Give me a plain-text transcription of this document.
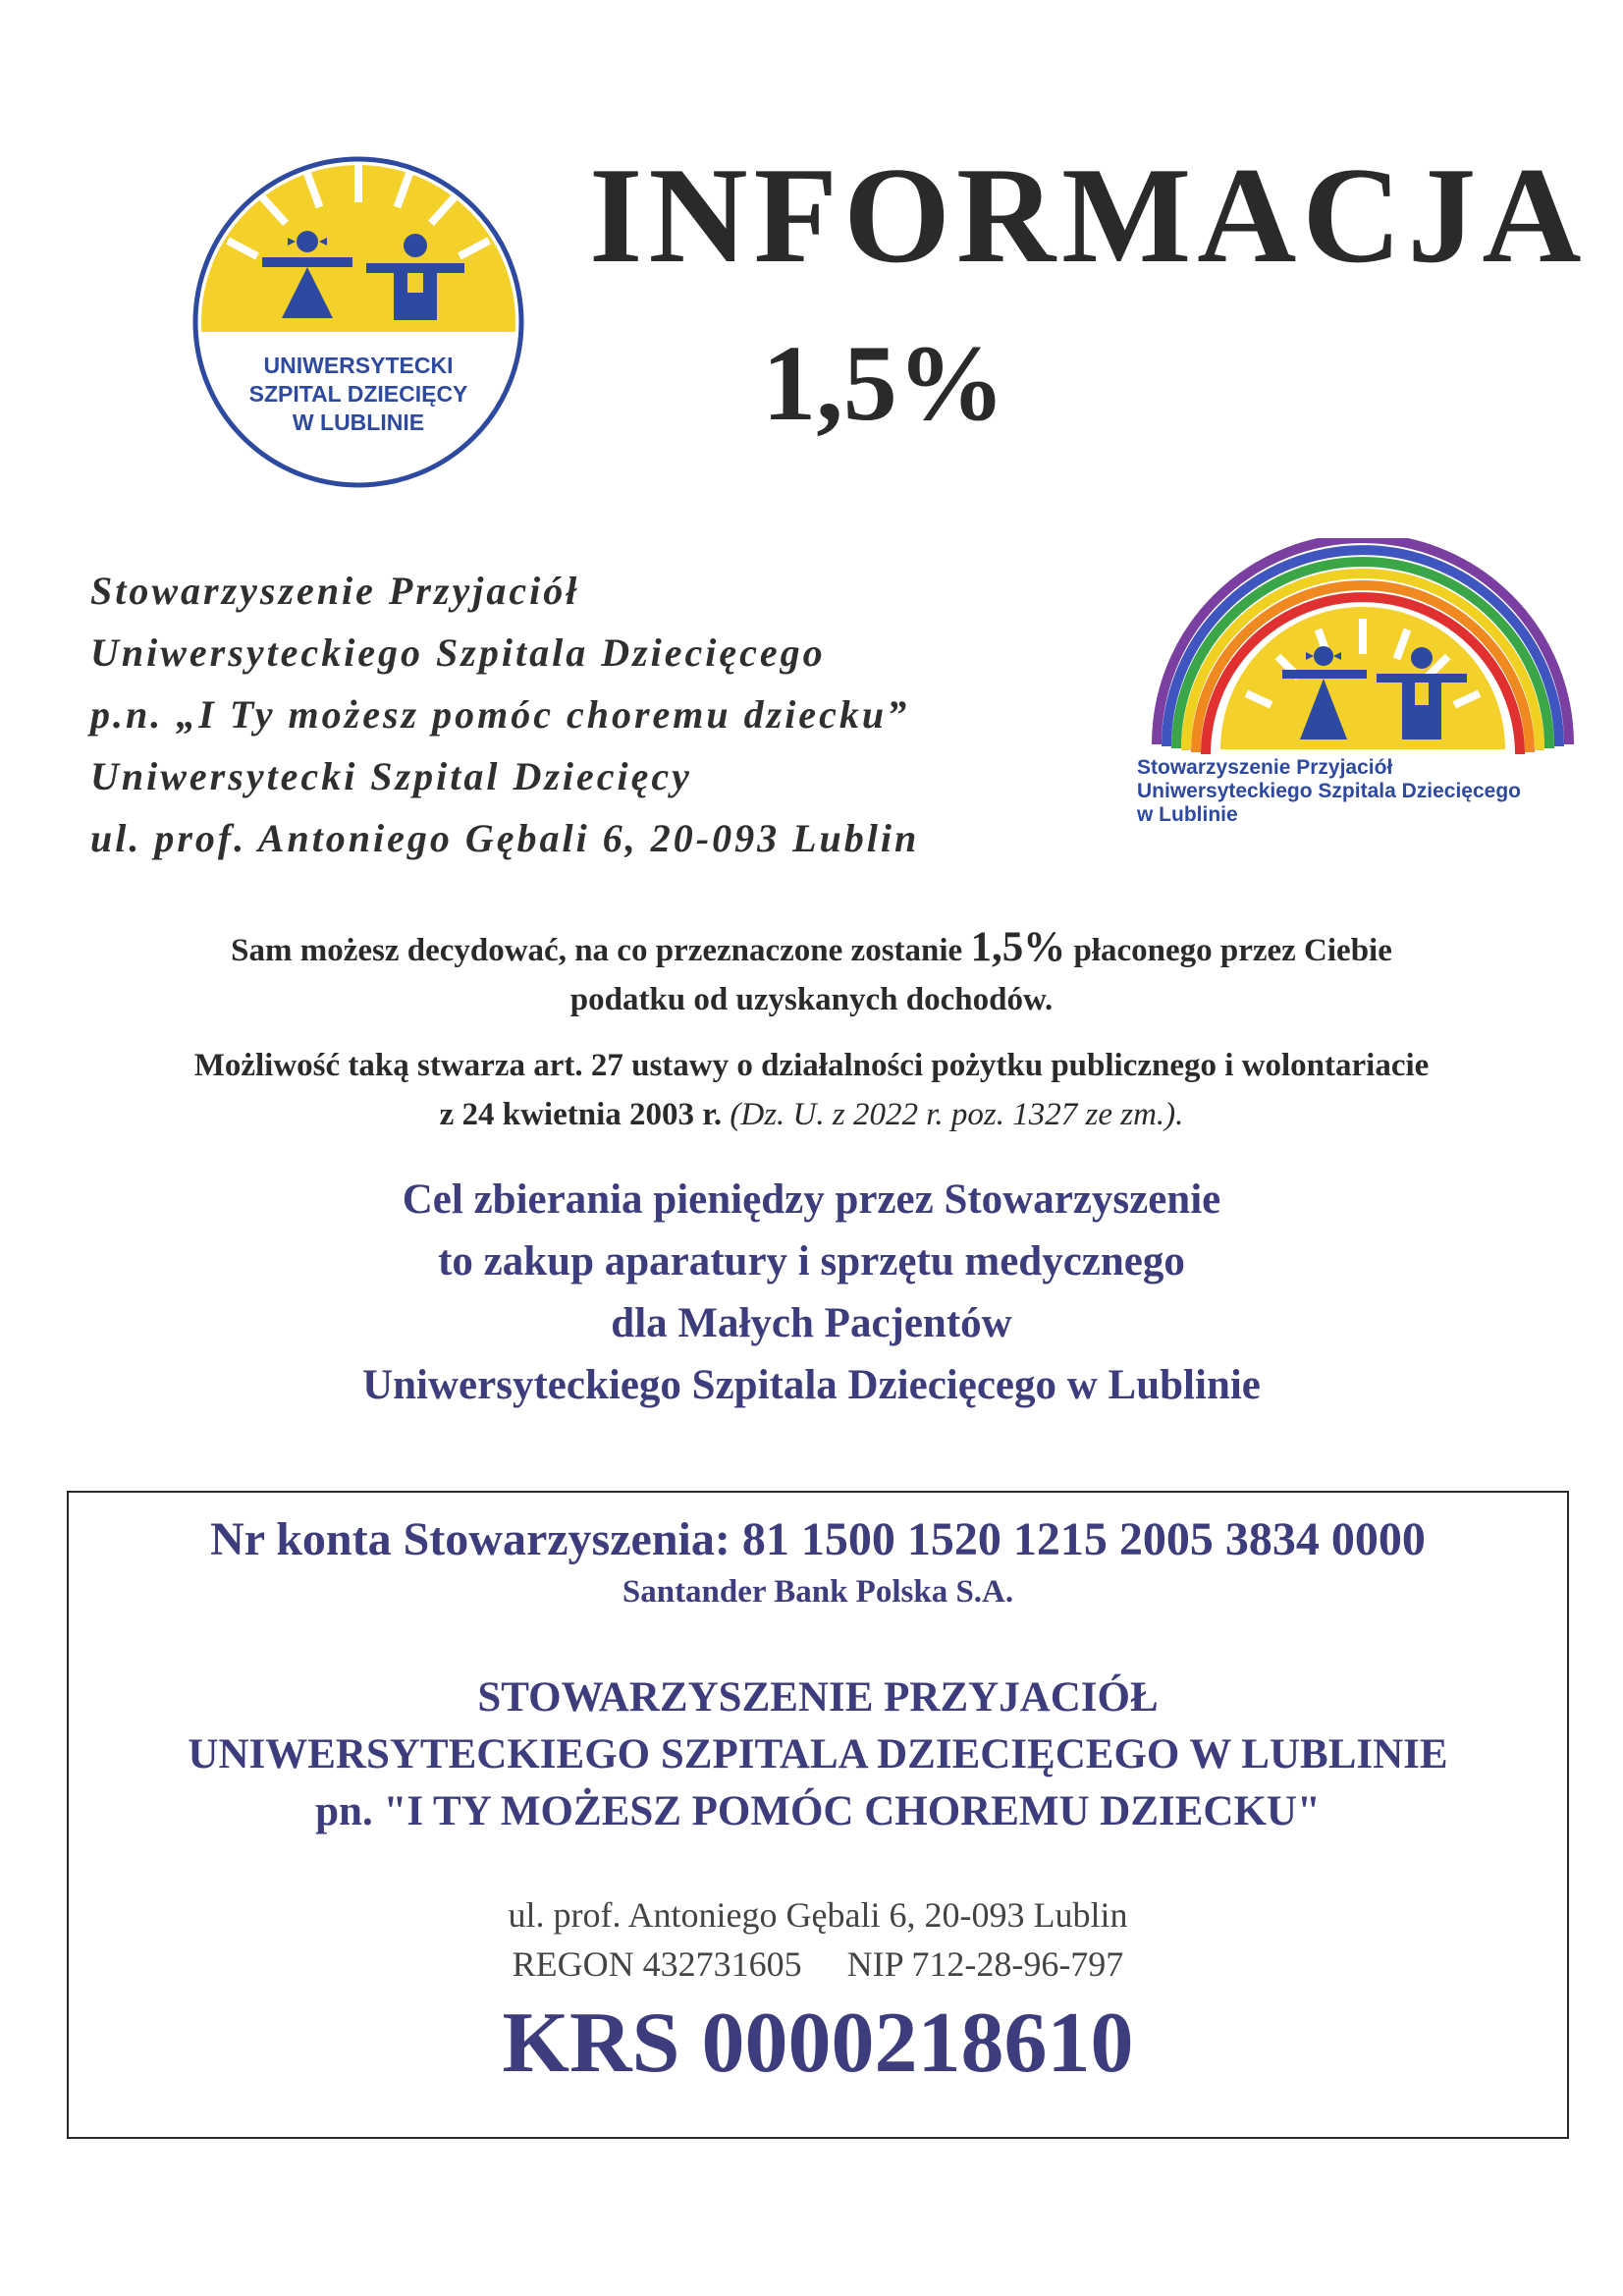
UNIWERSYTECKI
SZPITAL DZIECIĘCY
W LUBLINIE
INFORMACJA
1,5%
Stowarzyszenie Przyjaciół
Uniwersyteckiego Szpitala Dziecięcego
p.n. „I Ty możesz pomóc choremu dziecku”
Uniwersytecki Szpital Dziecięcy
ul. prof. Antoniego Gębali 6, 20-093 Lublin
Stowarzyszenie Przyjaciół
Uniwersyteckiego Szpitala Dziecięcego
w Lublinie
Sam możesz decydować, na co przeznaczone zostanie 1,5% płaconego przez Ciebie
podatku od uzyskanych dochodów.
Możliwość taką stwarza art. 27 ustawy o działalności pożytku publicznego i wolontariacie
z 24 kwietnia 2003 r. (Dz. U. z 2022 r. poz. 1327 ze zm.).
Cel zbierania pieniędzy przez Stowarzyszenie
to zakup aparatury i sprzętu medycznego
dla Małych Pacjentów
Uniwersyteckiego Szpitala Dziecięcego w Lublinie
Nr konta Stowarzyszenia: 81 1500 1520 1215 2005 3834 0000
Santander Bank Polska S.A.
STOWARZYSZENIE PRZYJACIÓŁ
UNIWERSYTECKIEGO SZPITALA DZIECIĘCEGO W LUBLINIE
pn. "I TY MOŻESZ POMÓC CHOREMU DZIECKU"
ul. prof. Antoniego Gębali 6, 20-093 Lublin
REGON 432731605 NIP 712-28-96-797
KRS 0000218610
